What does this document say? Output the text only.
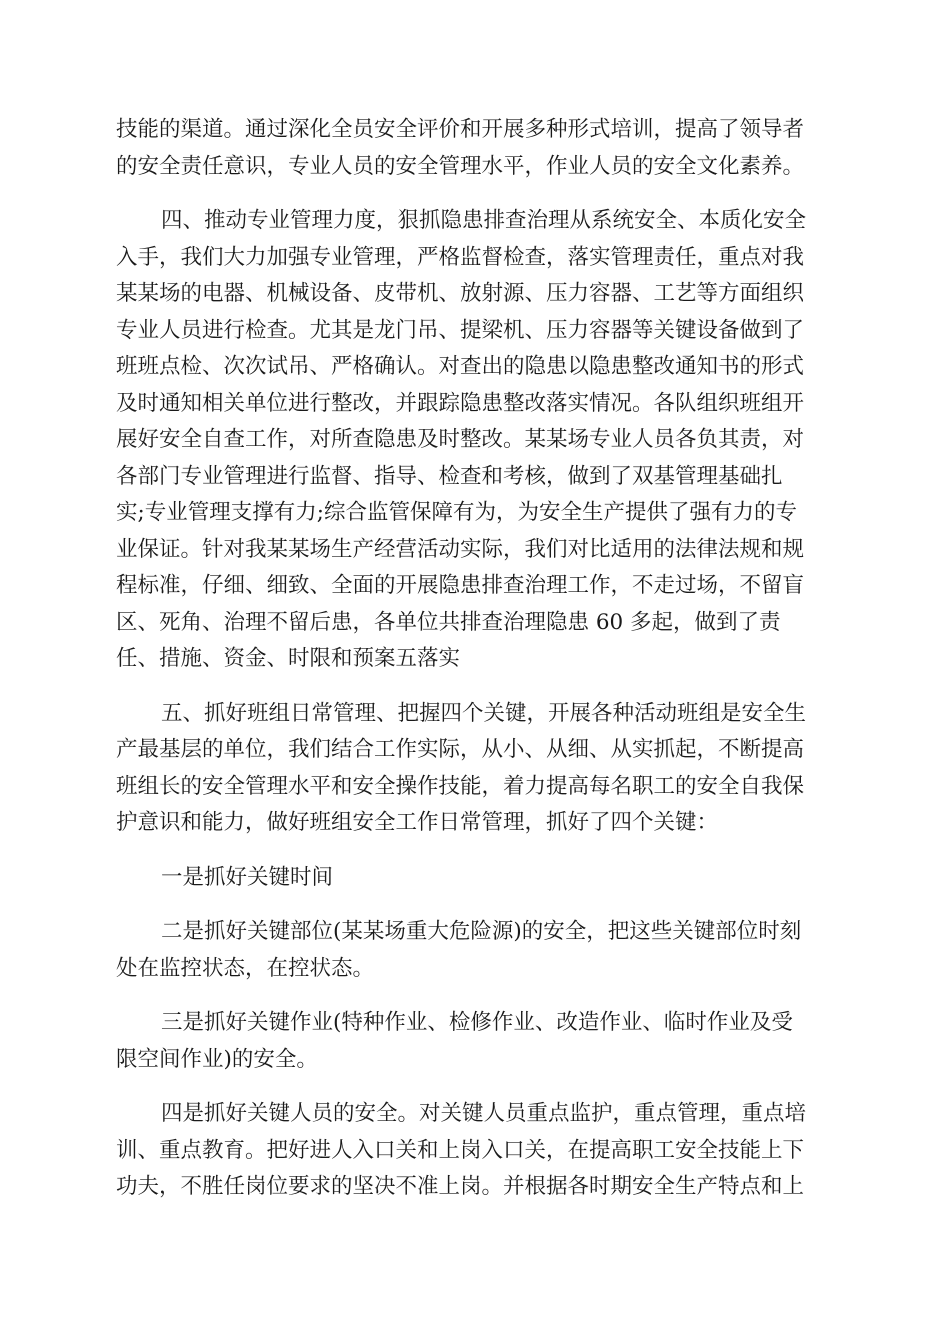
技能的渠道。通过深化全员安全评价和开展多种形式培训，提高了领导者
的安全责任意识，专业人员的安全管理水平，作业人员的安全文化素养。
四、推动专业管理力度，狠抓隐患排查治理从系统安全、本质化安全
入手，我们大力加强专业管理，严格监督检查，落实管理责任，重点对我
某某场的电器、机械设备、皮带机、放射源、压力容器、工艺等方面组织
专业人员进行检查。尤其是龙门吊、提梁机、压力容器等关键设备做到了
班班点检、次次试吊、严格确认。对查出的隐患以隐患整改通知书的形式
及时通知相关单位进行整改，并跟踪隐患整改落实情况。各队组织班组开
展好安全自查工作，对所查隐患及时整改。某某场专业人员各负其责，对
各部门专业管理进行监督、指导、检查和考核，做到了双基管理基础扎
实;专业管理支撑有力;综合监管保障有为，为安全生产提供了强有力的专
业保证。针对我某某场生产经营活动实际，我们对比适用的法律法规和规
程标准，仔细、细致、全面的开展隐患排查治理工作，不走过场，不留盲
区、死角、治理不留后患，各单位共排查治理隐患 60 多起，做到了责
任、措施、资金、时限和预案五落实
五、抓好班组日常管理、把握四个关键，开展各种活动班组是安全生
产最基层的单位，我们结合工作实际，从小、从细、从实抓起，不断提高
班组长的安全管理水平和安全操作技能，着力提高每名职工的安全自我保
护意识和能力，做好班组安全工作日常管理，抓好了四个关键：
一是抓好关键时间
二是抓好关键部位(某某场重大危险源)的安全，把这些关键部位时刻
处在监控状态，在控状态。
三是抓好关键作业(特种作业、检修作业、改造作业、临时作业及受
限空间作业)的安全。
四是抓好关键人员的安全。对关键人员重点监护，重点管理，重点培
训、重点教育。把好进人入口关和上岗入口关，在提高职工安全技能上下
功夫，不胜任岗位要求的坚决不准上岗。并根据各时期安全生产特点和上
